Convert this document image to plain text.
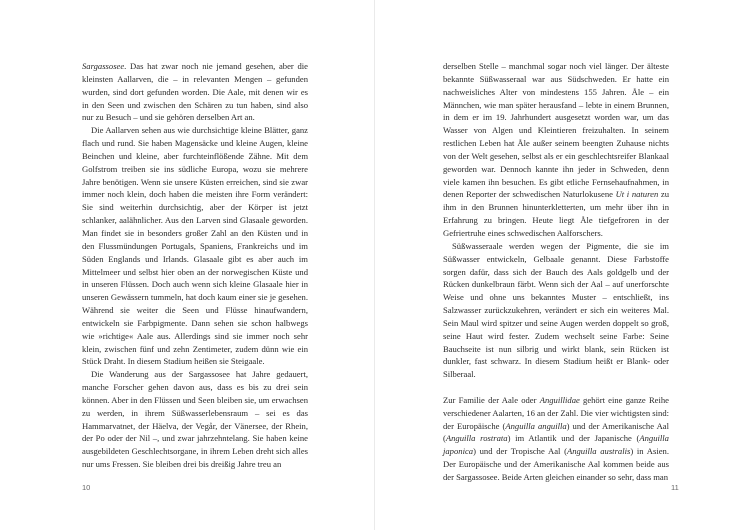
Sargassosee. Das hat zwar noch nie jemand gesehen, aber die kleinsten Aallarven, die – in relevanten Mengen – gefunden wurden, sind dort gefunden worden. Die Aale, mit denen wir es in den Seen und zwischen den Schären zu tun haben, sind also nur zu Besuch – und sie gehören derselben Art an.

Die Aallarven sehen aus wie durchsichtige kleine Blätter, ganz flach und rund. Sie haben Magensäcke und kleine Augen, kleine Beinchen und kleine, aber furchteinflößende Zähne. Mit dem Golfstrom treiben sie ins südliche Europa, wozu sie mehrere Jahre benötigen. Wenn sie unsere Küsten erreichen, sind sie zwar immer noch klein, doch haben die meisten ihre Form verändert: Sie sind weiterhin durchsichtig, aber der Körper ist jetzt schlanker, aalähnlicher. Aus den Larven sind Glasaale geworden. Man findet sie in besonders großer Zahl an den Küsten und in den Flussmündungen Portugals, Spaniens, Frankreichs und im Süden Englands und Irlands. Glasaale gibt es aber auch im Mittelmeer und selbst hier oben an der norwegischen Küste und in unseren Flüssen. Doch auch wenn sich kleine Glasaale hier in unseren Gewässern tummeln, hat doch kaum einer sie je gesehen. Während sie weiter die Seen und Flüsse hinaufwandern, entwickeln sie Farbpigmente. Dann sehen sie schon halbwegs wie »richtige« Aale aus. Allerdings sind sie immer noch sehr klein, zwischen fünf und zehn Zentimeter, zudem dünn wie ein Stück Draht. In diesem Stadium heißen sie Steigaale.

Die Wanderung aus der Sargassosee hat Jahre gedauert, manche Forscher gehen davon aus, dass es bis zu drei sein können. Aber in den Flüssen und Seen bleiben sie, um erwachsen zu werden, in ihrem Süßwasserlebensraum – sei es das Hammarvatnet, der Häelva, der Vegår, der Vänersee, der Rhein, der Po oder der Nil –, und zwar jahrzehntelang. Sie haben keine ausgebildeten Geschlechtsorgane, in ihrem Leben dreht sich alles nur ums Fressen. Sie bleiben drei bis dreißig Jahre treu an

10

derselben Stelle – manchmal sogar noch viel länger. Der älteste bekannte Süßwasseraal war aus Südschweden. Er hatte ein nachweisliches Alter von mindestens 155 Jahren. Åle – ein Männchen, wie man später herausfand – lebte in einem Brunnen, in dem er im 19. Jahrhundert ausgesetzt worden war, um das Wasser von Algen und Kleintieren freizuhalten. In seinem restlichen Leben hat Åle außer seinem beengten Zuhause nichts von der Welt gesehen, selbst als er ein geschlechtsreifer Blankaal geworden war. Dennoch kannte ihn jeder in Schweden, denn viele kamen ihn besuchen. Es gibt etliche Fernsehaufnahmen, in denen Reporter der schwedischen Naturlokusene Ut i naturen zu ihm in den Brunnen hinunterkletterten, um mehr über ihn in Erfahrung zu bringen. Heute liegt Åle tiefgefroren in der Gefriertruhe eines schwedischen Aalforschers.

Süßwasseraale werden wegen der Pigmente, die sie im Süßwasser entwickeln, Gelbaale genannt. Diese Farbstoffe sorgen dafür, dass sich der Bauch des Aals goldgelb und der Rücken dunkelbraun färbt. Wenn sich der Aal – auf unerforschte Weise und ohne uns bekanntes Muster – entschließt, ins Salzwasser zurückzukehren, verändert er sich ein weiteres Mal. Sein Maul wird spitzer und seine Augen werden doppelt so groß, seine Haut wird fester. Zudem wechselt seine Farbe: Seine Bauchseite ist nun silbrig und wirkt blank, sein Rücken ist dunkler, fast schwarz. In diesem Stadium heißt er Blank- oder Silberaal.

Zur Familie der Aale oder Anguillidae gehört eine ganze Reihe verschiedener Aalarten, 16 an der Zahl. Die vier wichtigsten sind: der Europäische (Anguilla anguilla) und der Amerikanische Aal (Anguilla rostrata) im Atlantik und der Japanische (Anguilla japonica) und der Tropische Aal (Anguilla australis) in Asien. Der Europäische und der Amerikanische Aal kommen beide aus der Sargassosee. Beide Arten gleichen einander so sehr, dass man

11
